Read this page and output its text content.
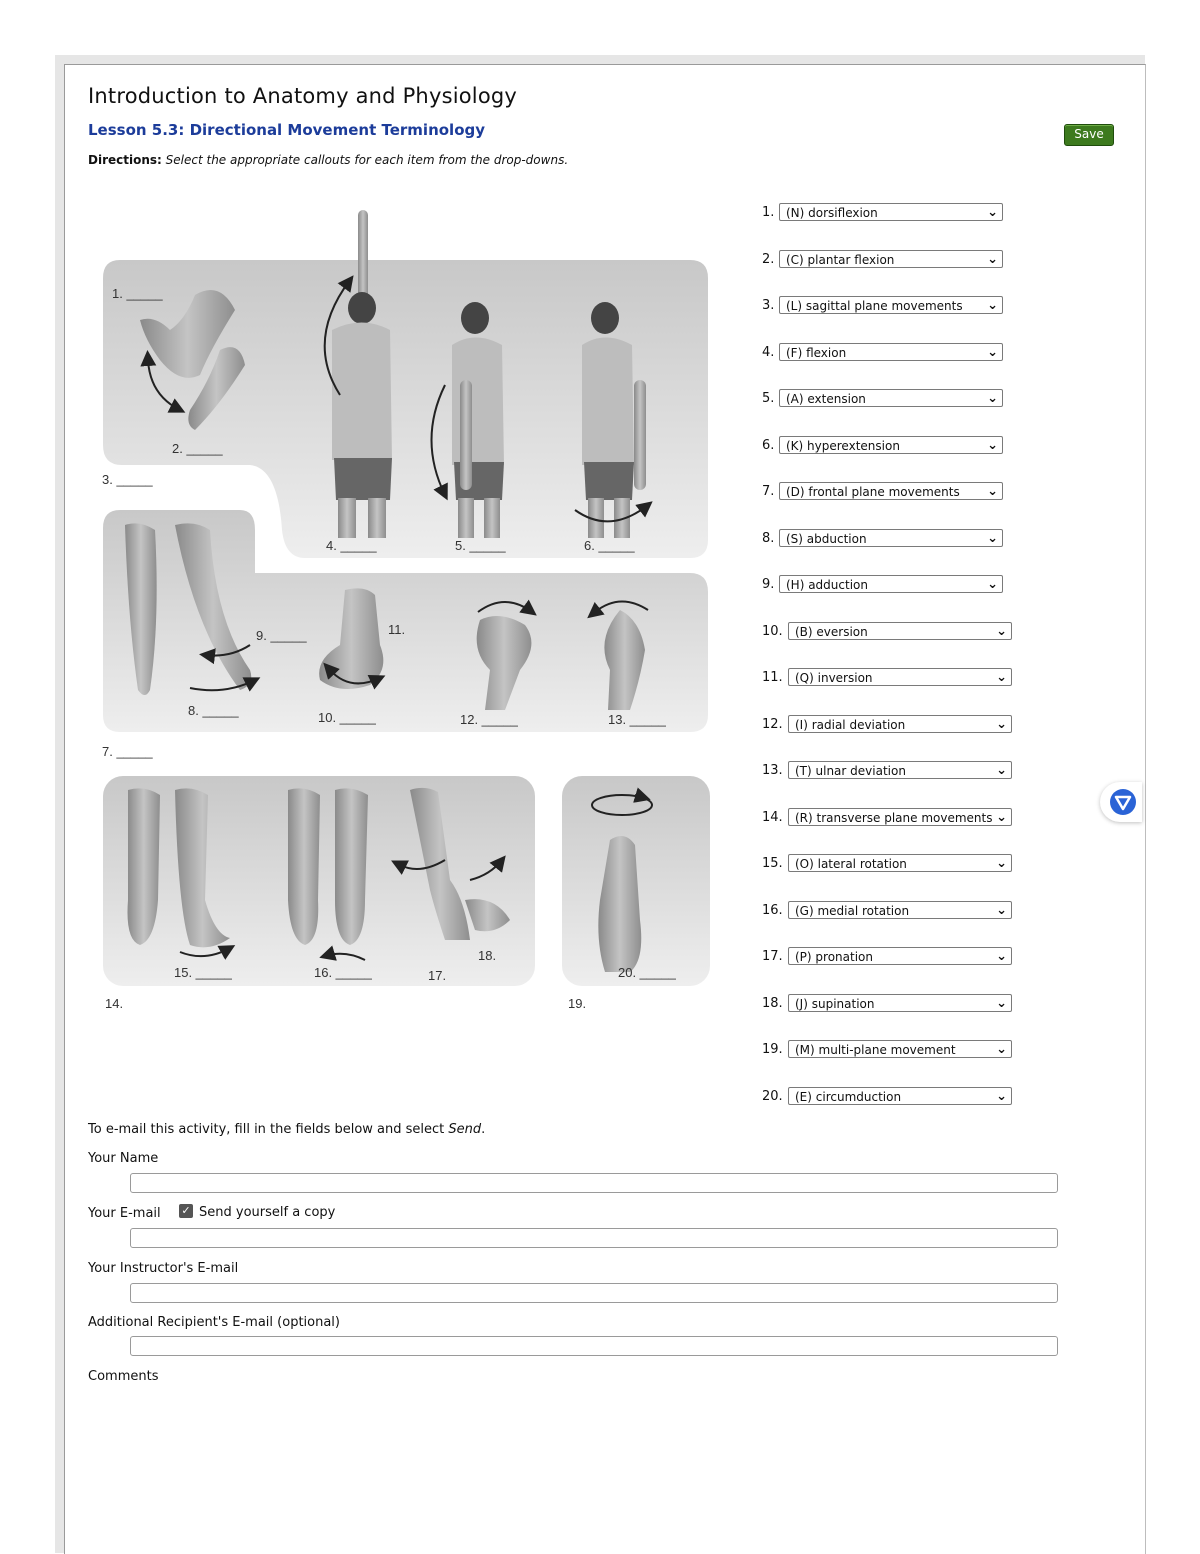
Introduction to Anatomy and Physiology
Lesson 5.3: Directional Movement Terminology
Directions: Select the appropriate callouts for each item from the drop-downs.
Save
1. _____
2. _____
3. _____
4. _____	5. _____	6. _____
7. _____
8. _____
9. _____
10. _____
11.
12. _____	13. _____
14.
15. _____	16. _____	17.
18.
19.
20. _____
1. (N) dorsiflexion	⌄
2. (C) plantar flexion	⌄
3. (L) sagittal plane movements ⌄
4. (F) flexion	⌄
5. (A) extension	⌄
6. (K) hyperextension	⌄
7. (D) frontal plane movements ⌄
8. (S) abduction	⌄
9. (H) adduction	⌄
10.	(B) eversion	⌄
11.	(Q) inversion	⌄
12.	(I) radial deviation	⌄
13.	(T) ulnar deviation	⌄
14.	(R) transverse plane movements ⌄
15.	(O) lateral rotation	⌄
16.	(G) medial rotation	⌄
17.	(P) pronation	⌄
18.	(J) supination	⌄
19.	(M) multi-plane movement	⌄
20.	(E) circumduction	⌄
To e-mail this activity, fill in the fields below and select Send.
Your Name
Your E-mail ✓ Send yourself a copy
Your Instructor's E-mail
Additional Recipient's E-mail (optional)
Comments
